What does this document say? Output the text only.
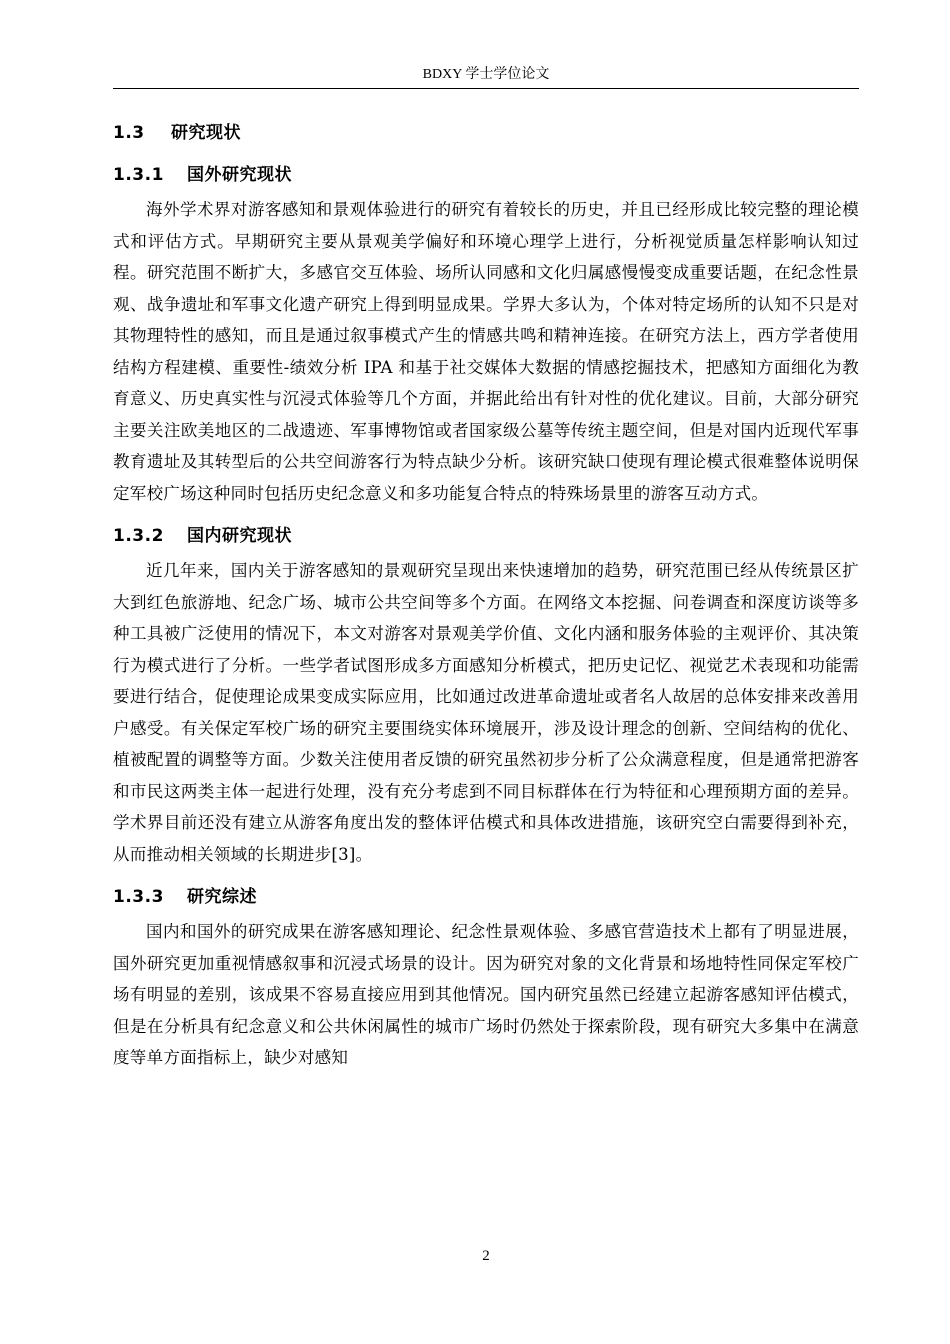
BDXY 学士学位论文
1.3 研究现状
1.3.1 国外研究现状

海外学术界对游客感知和景观体验进行的研究有着较长的历史，并且已经形成比较完整的理论模式和评估方式。早期研究主要从景观美学偏好和环境心理学上进行，分析视觉质量怎样影响认知过程。研究范围不断扩大，多感官交互体验、场所认同感和文化归属感慢慢变成重要话题，在纪念性景观、战争遗址和军事文化遗产研究上得到明显成果。学界大多认为，个体对特定场所的认知不只是对其物理特性的感知，而且是通过叙事模式产生的情感共鸣和精神连接。在研究方法上，西方学者使用结构方程建模、重要性-绩效分析 IPA 和基于社交媒体大数据的情感挖掘技术，把感知方面细化为教育意义、历史真实性与沉浸式体验等几个方面，并据此给出有针对性的优化建议。目前，大部分研究主要关注欧美地区的二战遗迹、军事博物馆或者国家级公墓等传统主题空间，但是对国内近现代军事教育遗址及其转型后的公共空间游客行为特点缺少分析。该研究缺口使现有理论模式很难整体说明保定军校广场这种同时包括历史纪念意义和多功能复合特点的特殊场景里的游客互动方式。

1.3.2 国内研究现状

近几年来，国内关于游客感知的景观研究呈现出来快速增加的趋势，研究范围已经从传统景区扩大到红色旅游地、纪念广场、城市公共空间等多个方面。在网络文本挖掘、问卷调查和深度访谈等多种工具被广泛使用的情况下，本文对游客对景观美学价值、文化内涵和服务体验的主观评价、其决策行为模式进行了分析。一些学者试图形成多方面感知分析模式，把历史记忆、视觉艺术表现和功能需要进行结合，促使理论成果变成实际应用，比如通过改进革命遗址或者名人故居的总体安排来改善用户感受。有关保定军校广场的研究主要围绕实体环境展开，涉及设计理念的创新、空间结构的优化、植被配置的调整等方面。少数关注使用者反馈的研究虽然初步分析了公众满意程度，但是通常把游客和市民这两类主体一起进行处理，没有充分考虑到不同目标群体在行为特征和心理预期方面的差异。学术界目前还没有建立从游客角度出发的整体评估模式和具体改进措施，该研究空白需要得到补充，从而推动相关领域的长期进步[3]。

1.3.3 研究综述

国内和国外的研究成果在游客感知理论、纪念性景观体验、多感官营造技术上都有了明显进展，国外研究更加重视情感叙事和沉浸式场景的设计。因为研究对象的文化背景和场地特性同保定军校广场有明显的差别，该成果不容易直接应用到其他情况。国内研究虽然已经建立起游客感知评估模式，但是在分析具有纪念意义和公共休闲属性的城市广场时仍然处于探索阶段，现有研究大多集中在满意度等单方面指标上，缺少对感知

2
